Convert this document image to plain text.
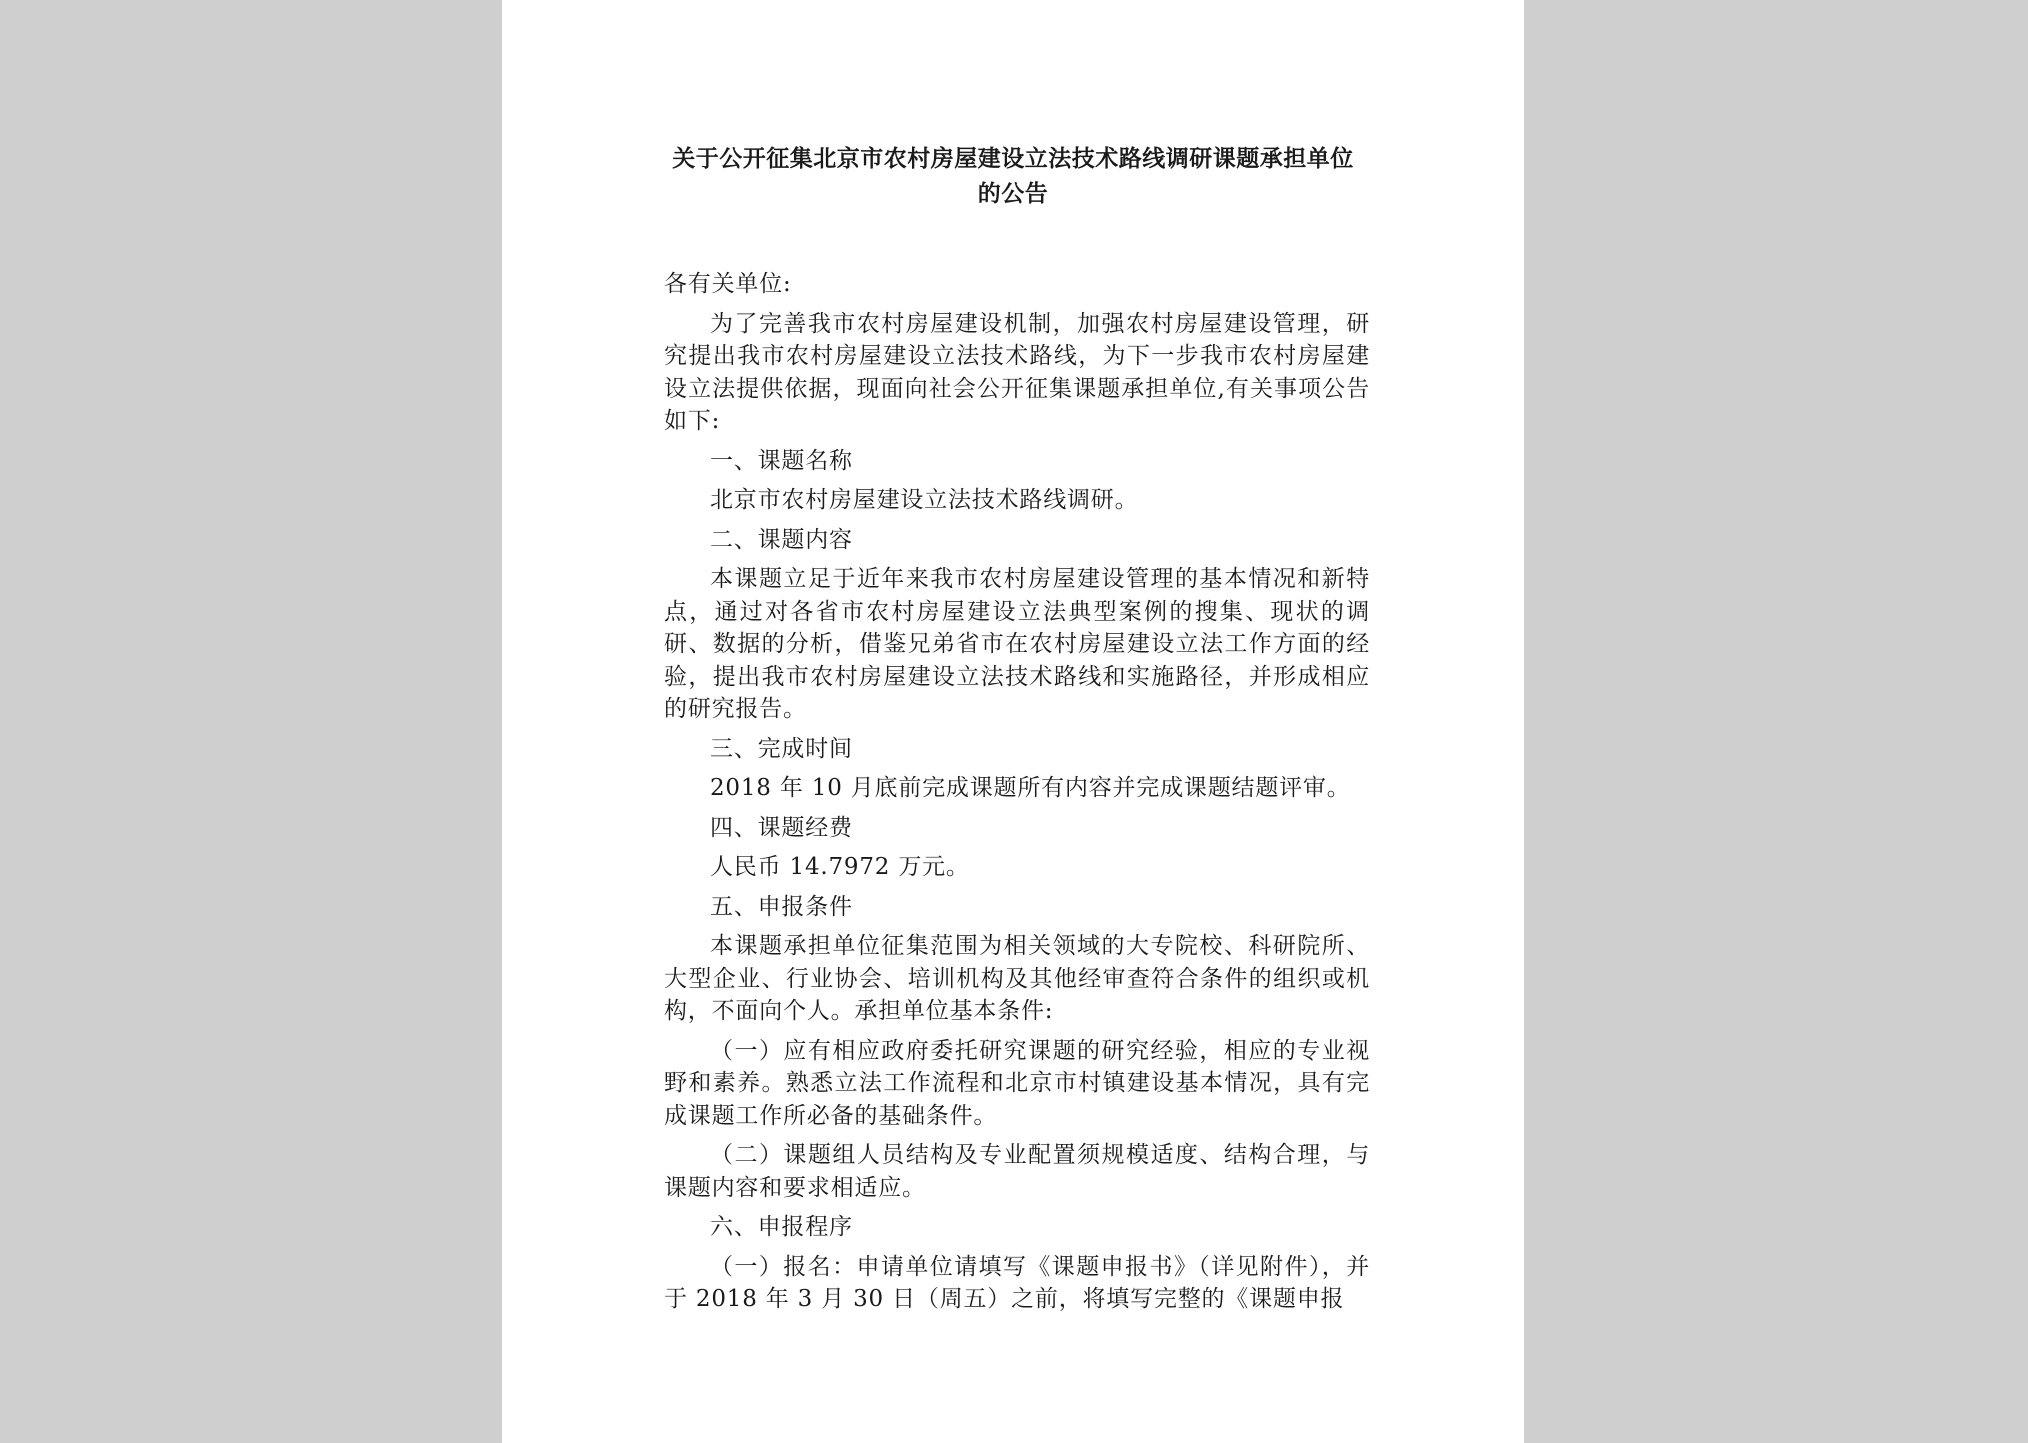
关于公开征集北京市农村房屋建设立法技术路线调研课题承担单位
的公告

各有关单位:

为了完善我市农村房屋建设机制，加强农村房屋建设管理，研究提出我市农村房屋建设立法技术路线，为下一步我市农村房屋建设立法提供依据，现面向社会公开征集课题承担单位,有关事项公告如下:

一、课题名称

北京市农村房屋建设立法技术路线调研。

二、课题内容

本课题立足于近年来我市农村房屋建设管理的基本情况和新特点，通过对各省市农村房屋建设立法典型案例的搜集、现状的调研、数据的分析，借鉴兄弟省市在农村房屋建设立法工作方面的经验，提出我市农村房屋建设立法技术路线和实施路径，并形成相应的研究报告。

三、完成时间

2018 年 10 月底前完成课题所有内容并完成课题结题评审。

四、课题经费

人民币 14.7972 万元。

五、申报条件

本课题承担单位征集范围为相关领域的大专院校、科研院所、大型企业、行业协会、培训机构及其他经审查符合条件的组织或机构，不面向个人。承担单位基本条件:

（一）应有相应政府委托研究课题的研究经验，相应的专业视野和素养。熟悉立法工作流程和北京市村镇建设基本情况，具有完成课题工作所必备的基础条件。

（二）课题组人员结构及专业配置须规模适度、结构合理，与课题内容和要求相适应。

六、申报程序

（一）报名：申请单位请填写《课题申报书》（详见附件），并于 2018 年 3 月 30 日（周五）之前，将填写完整的《课题申报
